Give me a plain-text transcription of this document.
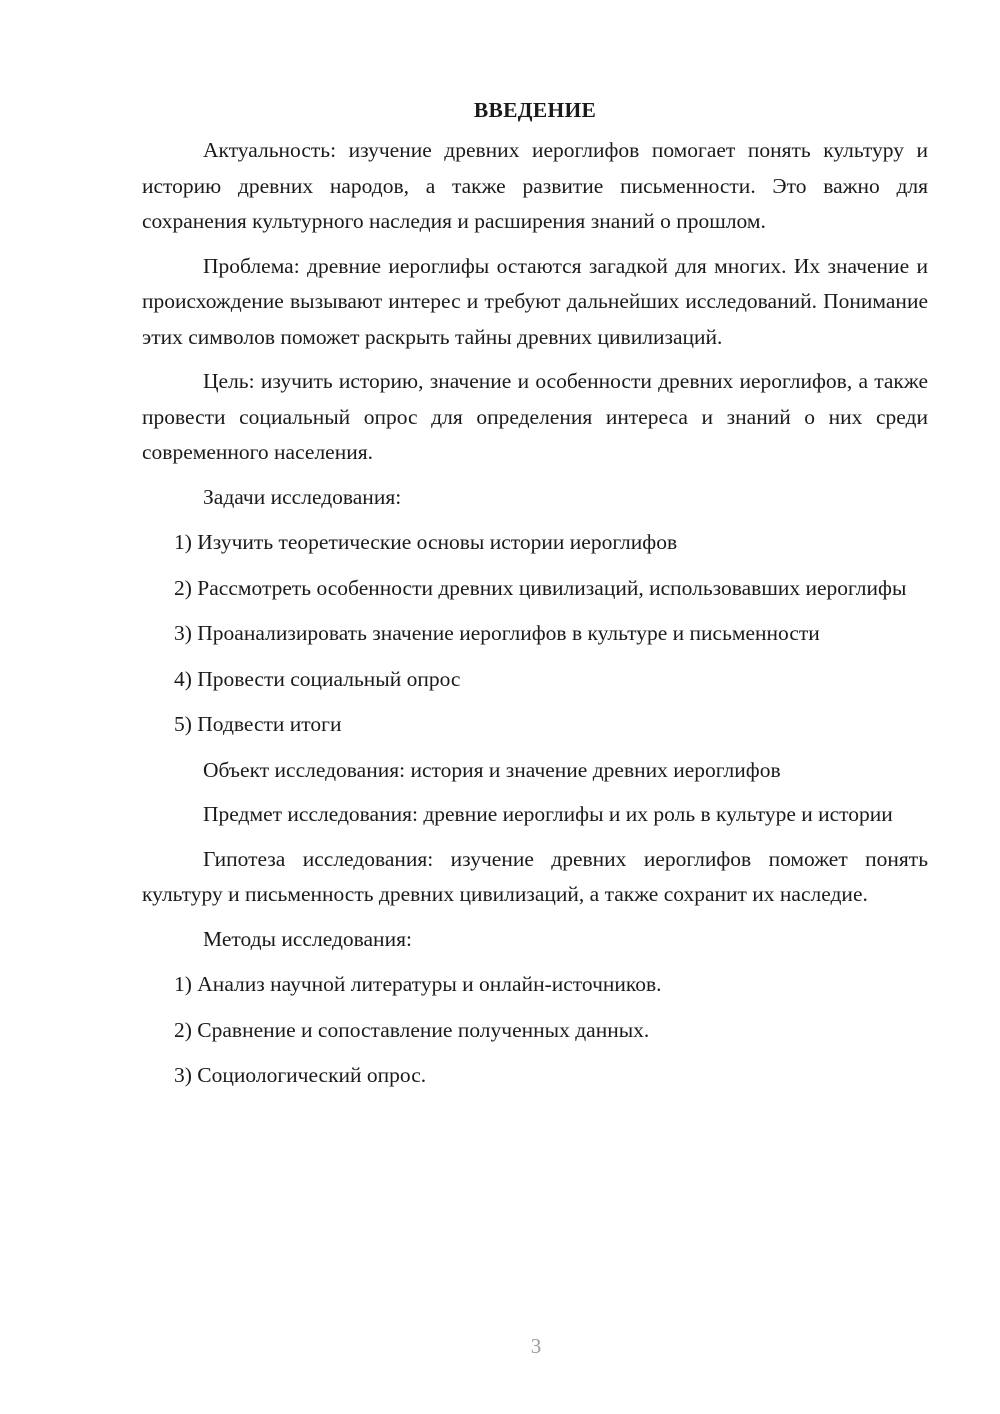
ВВЕДЕНИЕ

Актуальность: изучение древних иероглифов помогает понять культуру и историю древних народов, а также развитие письменности. Это важно для сохранения культурного наследия и расширения знаний о прошлом.

Проблема: древние иероглифы остаются загадкой для многих. Их значение и происхождение вызывают интерес и требуют дальнейших исследований. Понимание этих символов поможет раскрыть тайны древних цивилизаций.

Цель: изучить историю, значение и особенности древних иероглифов, а также провести социальный опрос для определения интереса и знаний о них среди современного населения.

Задачи исследования:

1) Изучить теоретические основы истории иероглифов

2) Рассмотреть особенности древних цивилизаций, использовавших иероглифы

3) Проанализировать значение иероглифов в культуре и письменности

4) Провести социальный опрос

5) Подвести итоги

Объект исследования: история и значение древних иероглифов

Предмет исследования: древние иероглифы и их роль в культуре и истории

Гипотеза исследования: изучение древних иероглифов поможет понять культуру и письменность древних цивилизаций, а также сохранит их наследие.

Методы исследования:

1) Анализ научной литературы и онлайн-источников.

2) Сравнение и сопоставление полученных данных.

3) Социологический опрос.

3
